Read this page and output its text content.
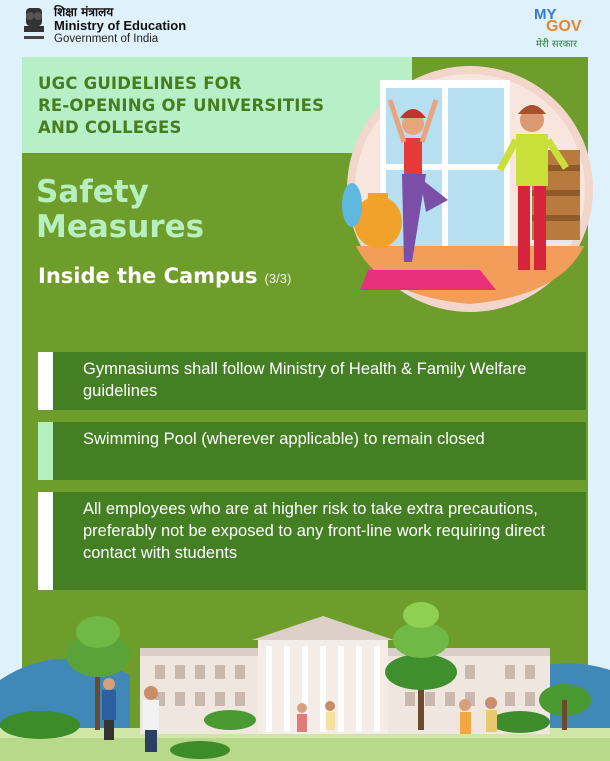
शिक्षा मंत्रालय
Ministry of Education
Government of India
MY
GOV
मेरी सरकार
UGC GUIDELINES FOR
RE-OPENING OF UNIVERSITIES
AND COLLEGES
Safety
Measures
Inside the Campus (3/3)
Gymnasiums shall follow Ministry of Health & Family Welfare guidelines
Swimming Pool (wherever applicable) to remain closed
All employees who are at higher risk to take extra precautions, preferably not be exposed to any front-line work requiring direct contact with students
